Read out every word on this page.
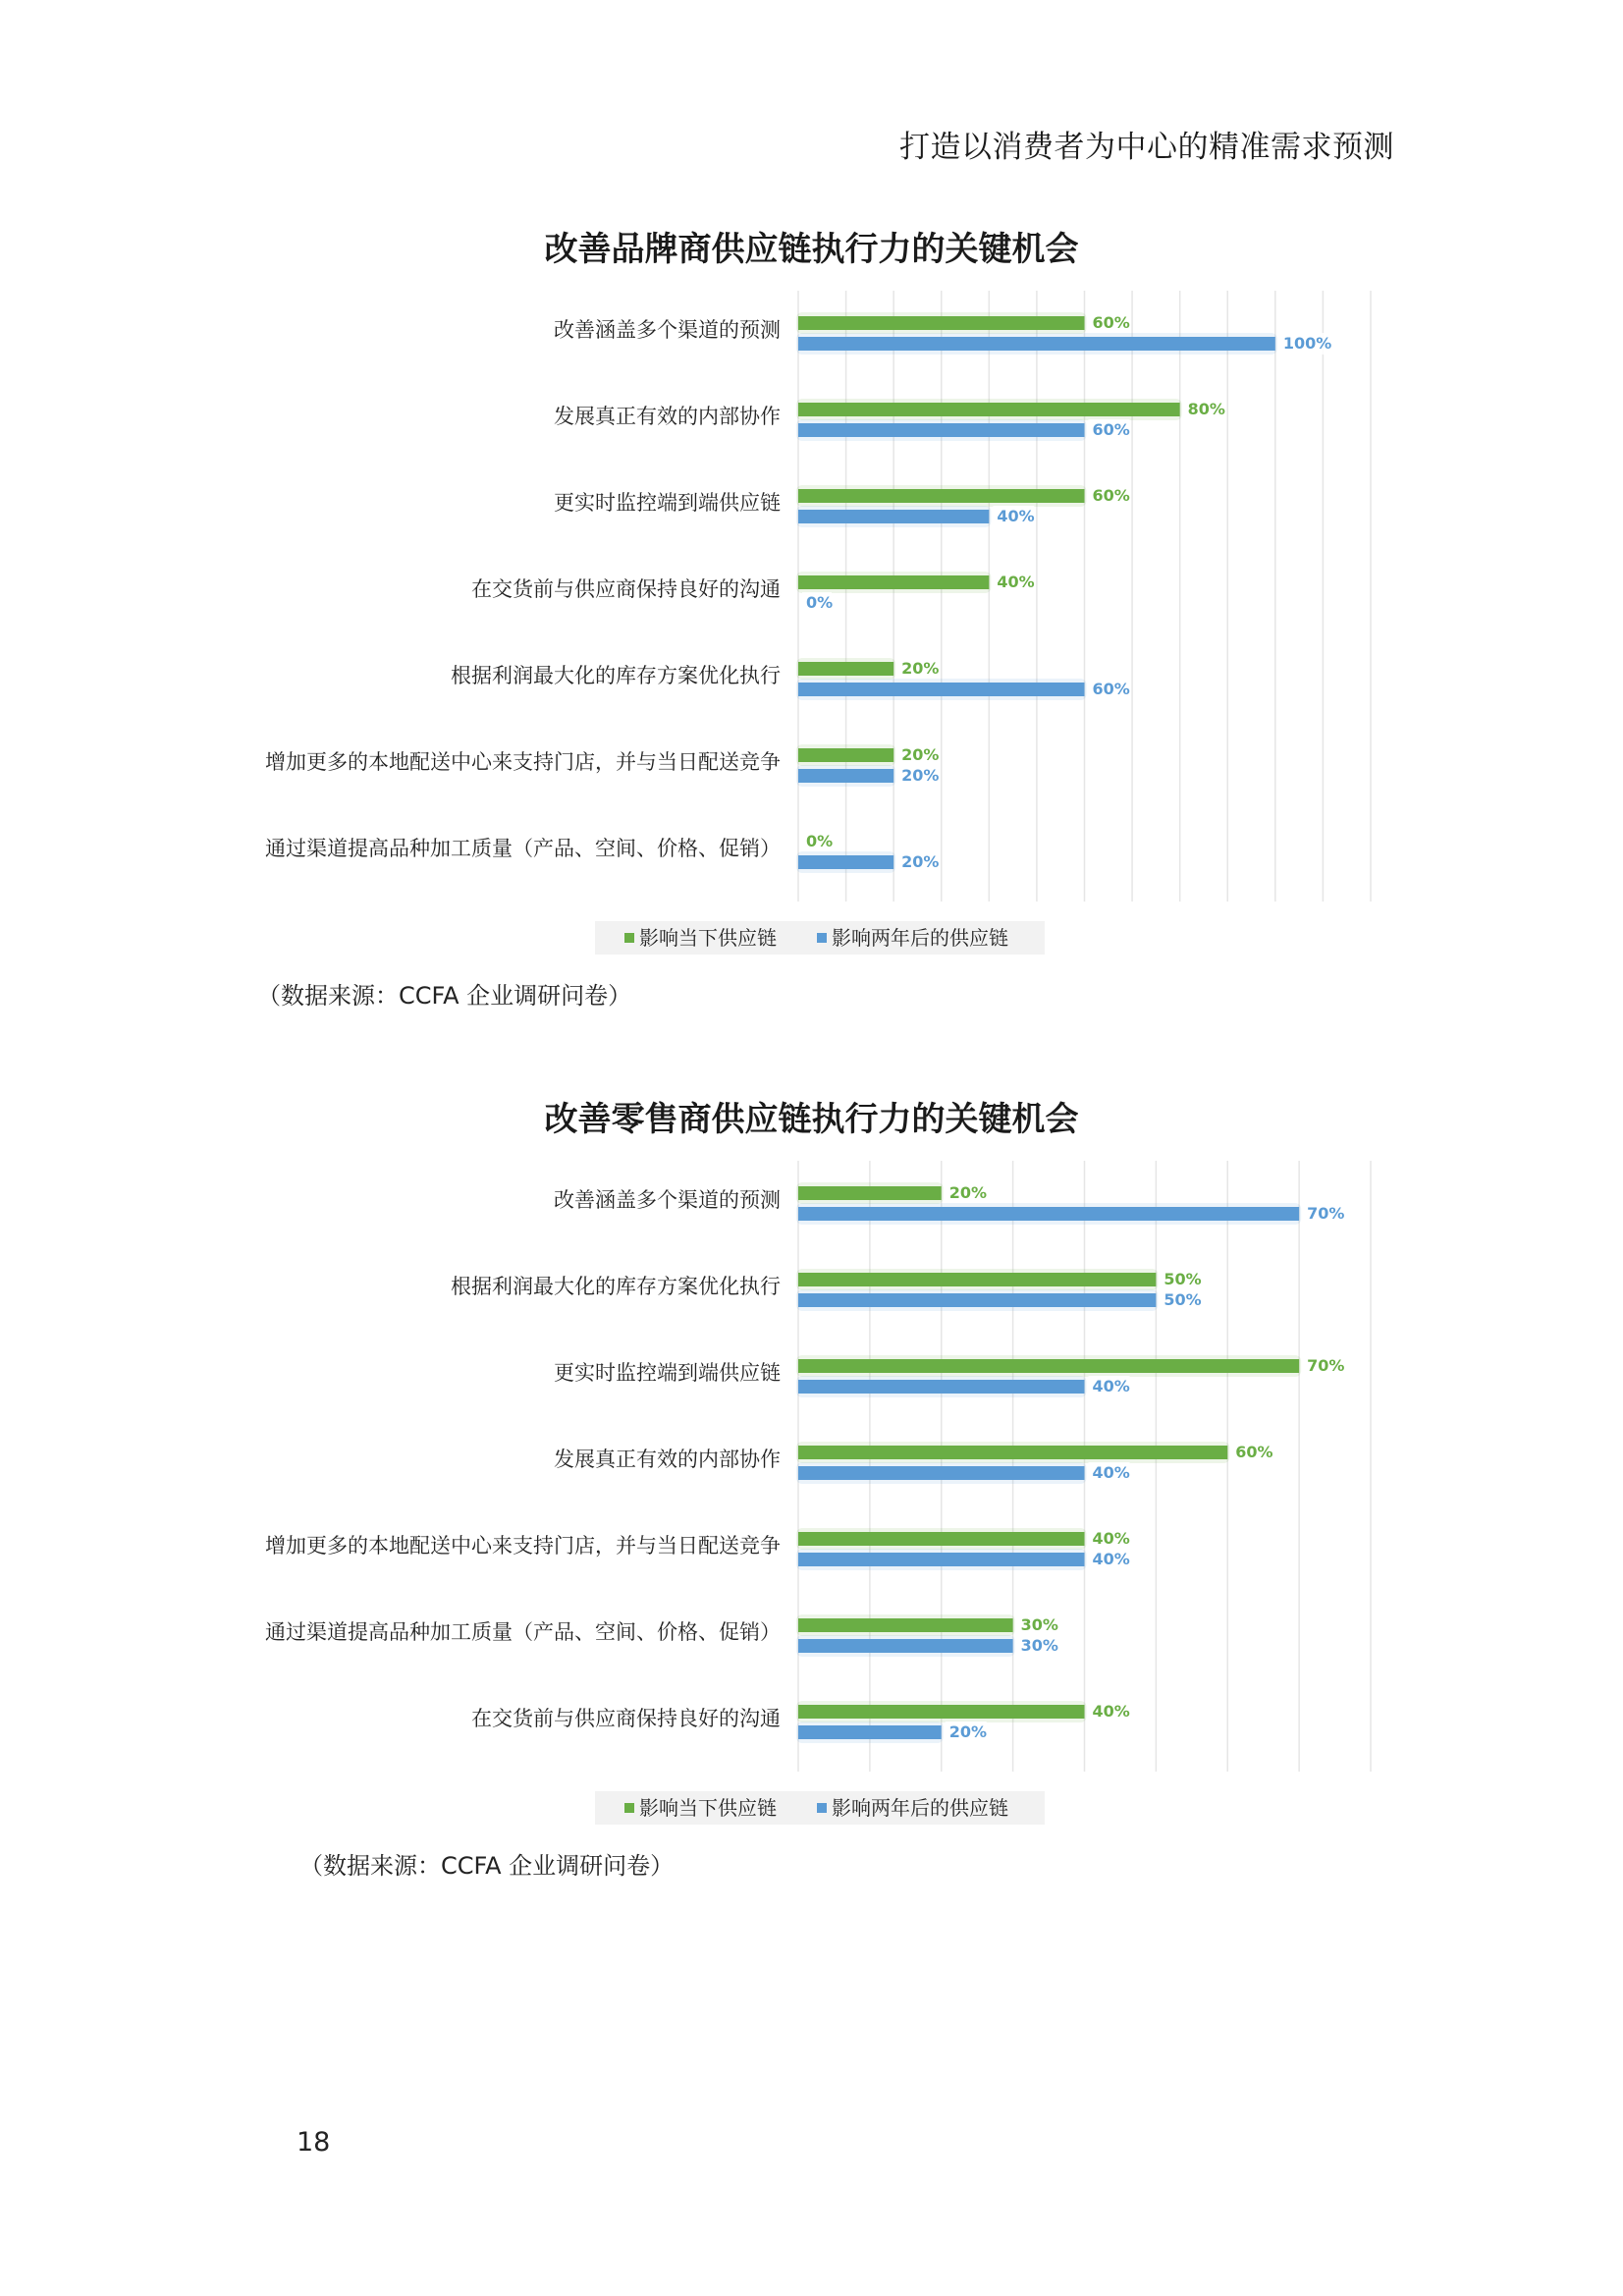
打造以消费者为中心的精准需求预测
改善品牌商供应链执行力的关键机会
改善涵盖多个渠道的预测	60%
100%
发展真正有效的内部协作	80%
60%
更实时监控端到端供应链	60%
40%
在交货前与供应商保持良好的沟通	40%
0%
根据利润最大化的库存方案优化执行	20%
60%
增加更多的本地配送中心来支持门店，并与当日配送竞争	20%
20%
通过渠道提高品种加工质量（产品、空间、价格、促销） 0%
20%
影响当下供应链	影响两年后的供应链
（数据来源：CCFA 企业调研问卷）
改善零售商供应链执行力的关键机会
改善涵盖多个渠道的预测	20%
70%
根据利润最大化的库存方案优化执行	50%
50%
更实时监控端到端供应链	70%
40%
发展真正有效的内部协作	60%
40%
增加更多的本地配送中心来支持门店，并与当日配送竞争	40%
40%
通过渠道提高品种加工质量（产品、空间、价格、促销）	30%
30%
在交货前与供应商保持良好的沟通	40%
20%
影响当下供应链	影响两年后的供应链
（数据来源：CCFA 企业调研问卷）
18
